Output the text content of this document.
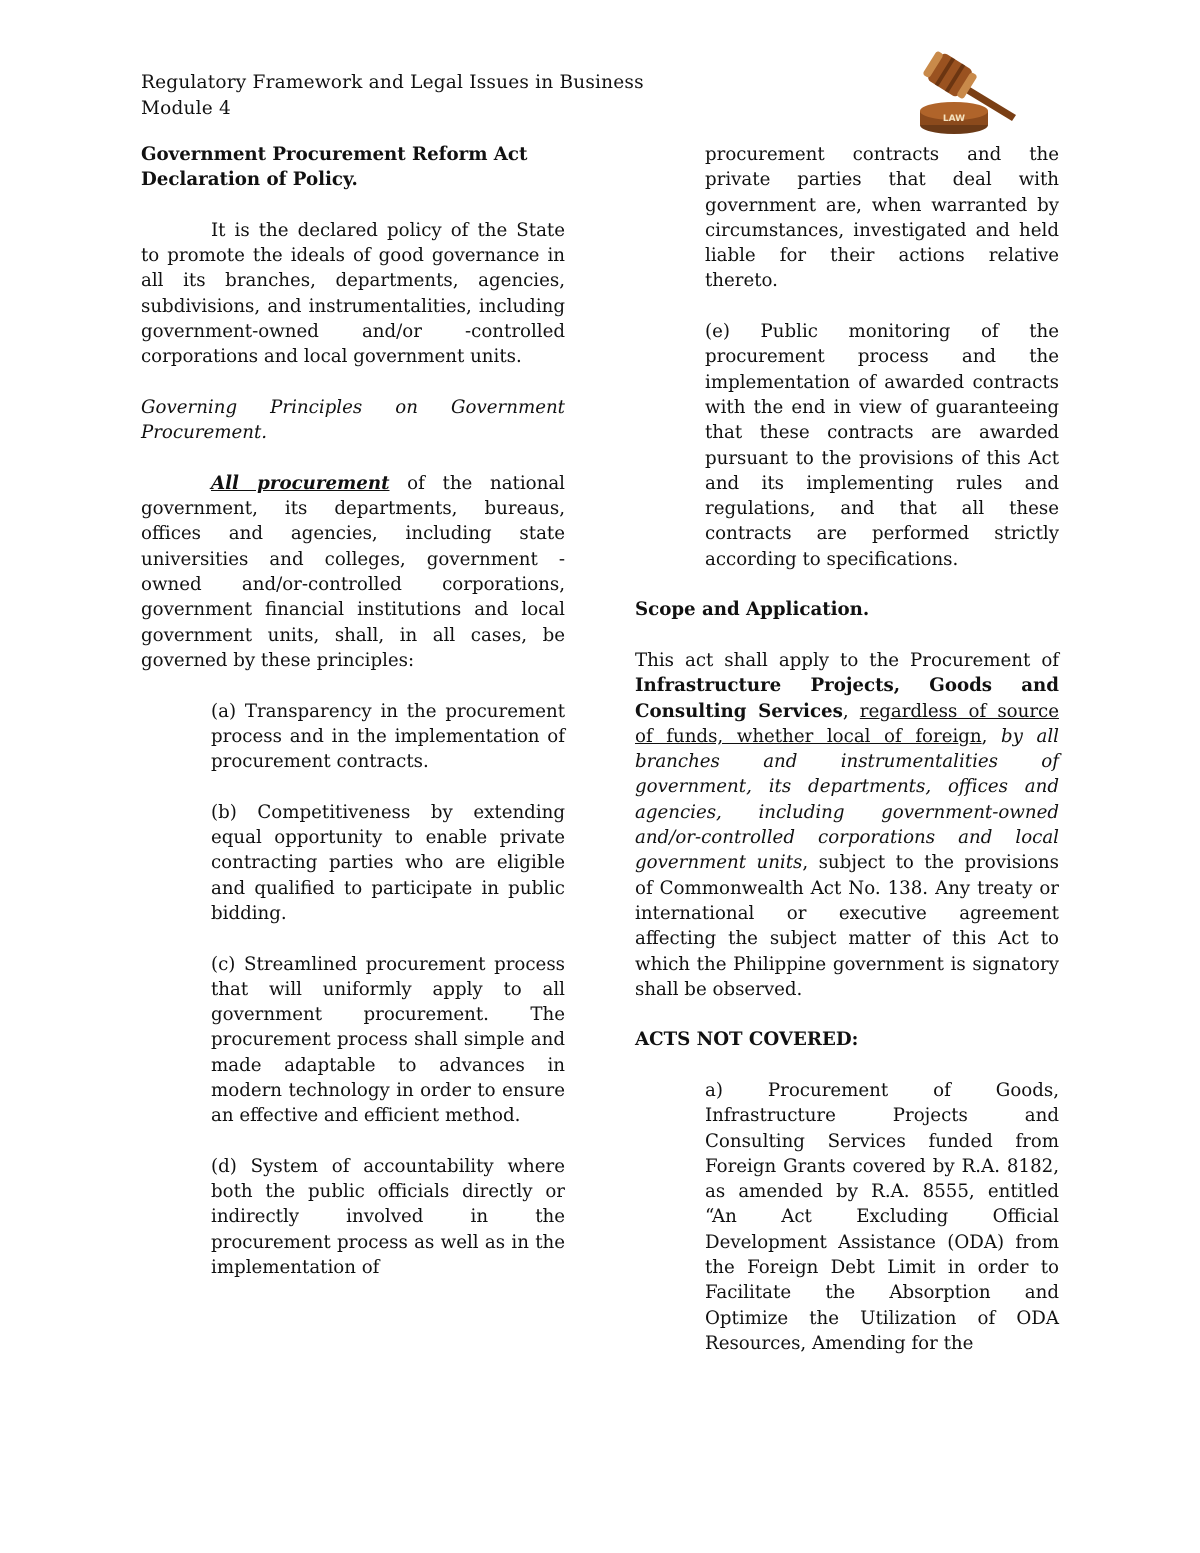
Regulatory Framework and Legal Issues in Business
Module 4	LAW

Government Procurement Reform Act

Declaration of Policy.

It is the declared policy of the State to promote the ideals of good governance in all its branches, departments, agencies, subdivisions, and instrumentalities, including government-owned and/or -controlled corporations and local government units.

Governing Principles on Government Procurement.

All procurement of the national government, its departments, bureaus, offices and agencies, including state universities and colleges, government - owned and/or-controlled corporations, government financial institutions and local government units, shall, in all cases, be governed by these principles:

(a) Transparency in the procurement process and in the implementation of procurement contracts.

(b) Competitiveness by extending equal opportunity to enable private contracting parties who are eligible and qualified to participate in public bidding.

(c) Streamlined procurement process that will uniformly apply to all government procurement. The procurement process shall simple and made adaptable to advances in modern technology in order to ensure an effective and efficient method.

(d) System of accountability where both the public officials directly or indirectly involved in the procurement process as well as in the implementation of

procurement contracts and the private parties that deal with government are, when warranted by circumstances, investigated and held liable for their actions relative thereto.

(e) Public monitoring of the procurement process and the implementation of awarded contracts with the end in view of guaranteeing that these contracts are awarded pursuant to the provisions of this Act and its implementing rules and regulations, and that all these contracts are performed strictly according to specifications.

Scope and Application.

This act shall apply to the Procurement of Infrastructure Projects, Goods and Consulting Services, regardless of source of funds, whether local of foreign, by all branches and instrumentalities of government, its departments, offices and agencies, including government-owned and/or-controlled corporations and local government units, subject to the provisions of Commonwealth Act No. 138. Any treaty or international or executive agreement affecting the subject matter of this Act to which the Philippine government is signatory shall be observed.

ACTS NOT COVERED:

a) Procurement of Goods, Infrastructure Projects and Consulting Services funded from Foreign Grants covered by R.A. 8182, as amended by R.A. 8555, entitled “An Act Excluding Official Development Assistance (ODA) from the Foreign Debt Limit in order to Facilitate the Absorption and Optimize the Utilization of ODA Resources, Amending for the
